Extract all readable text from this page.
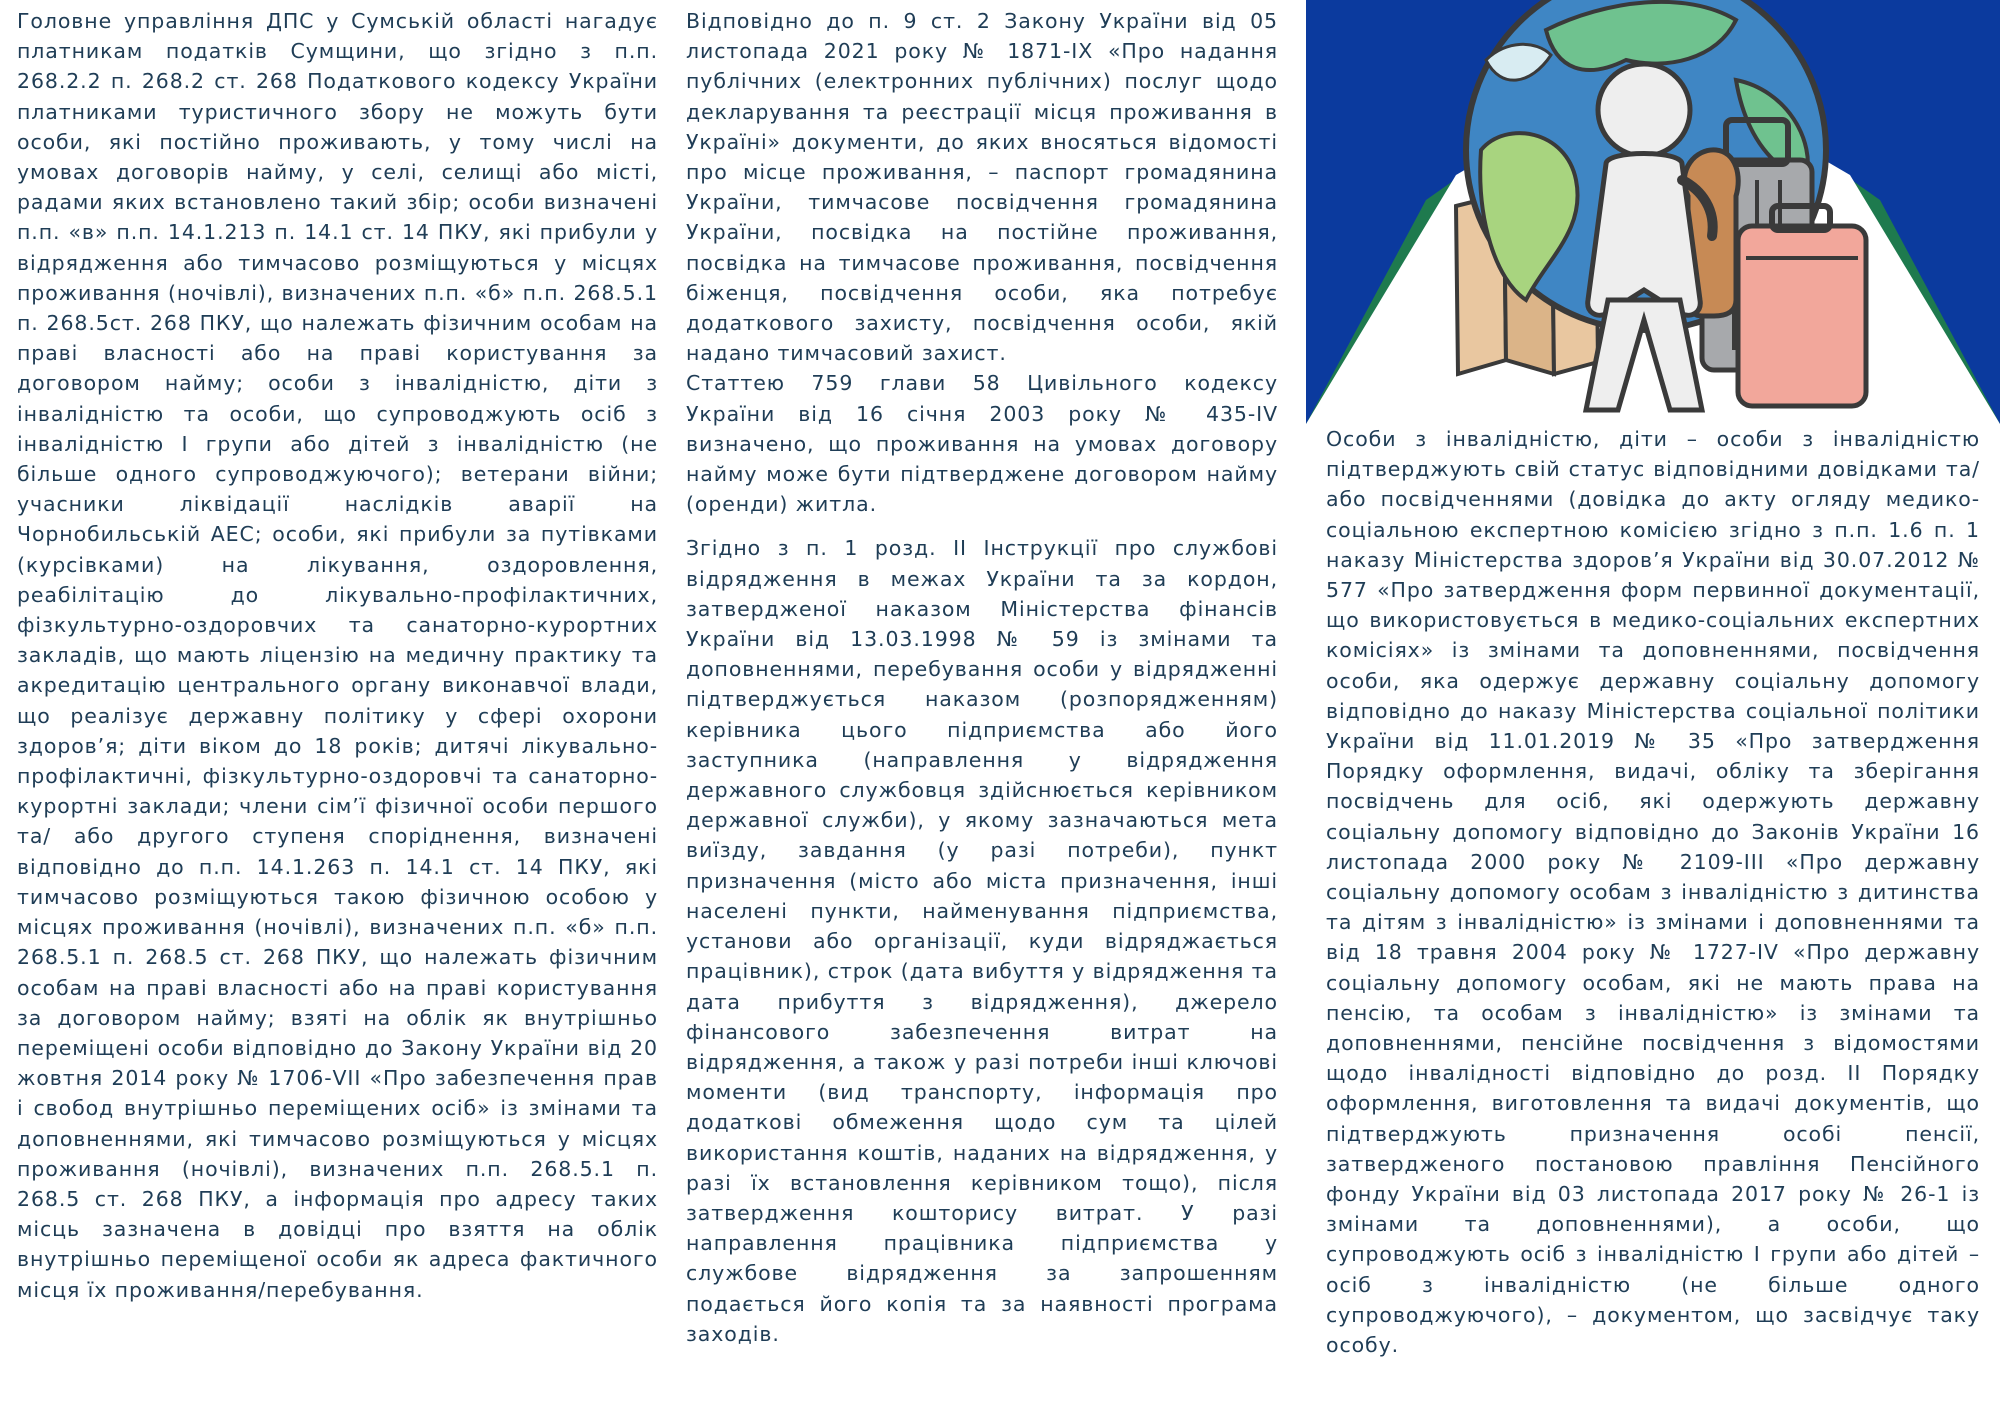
Головне управління ДПС у Сумській області нагадує платникам податків Сумщини, що згідно з п.п. 268.2.2 п. 268.2 ст. 268 Податкового кодексу України платниками туристичного збору не можуть бути особи, які постійно проживають, у тому числі на умовах договорів найму, у селі, селищі або місті, радами яких встановлено такий збір; особи визначені п.п. «в» п.п. 14.1.213 п. 14.1 ст. 14 ПКУ, які прибули у відрядження або тимчасово розміщуються у місцях проживання (ночівлі), визначених п.п. «б» п.п. 268.5.1 п. 268.5ст. 268 ПКУ, що належать фізичним особам на праві власності або на праві користування за договором найму; особи з інвалідністю, діти з інвалідністю та особи, що супроводжують осіб з інвалідністю I групи або дітей з інвалідністю (не більше одного супроводжуючого); ветерани війни; учасники ліквідації наслідків аварії на Чорнобильській АЕС; особи, які прибули за путівками (курсівками) на лікування, оздоровлення, реабілітацію до лікувально-профілактичних, фізкультурно-оздоровчих та санаторно-курортних закладів, що мають ліцензію на медичну практику та акредитацію центрального органу виконавчої влади, що реалізує державну політику у сфері охорони здоров’я; діти віком до 18 років; дитячі лікувально-профілактичні, фізкультурно-оздоровчі та санаторно-курортні заклади; члени сім’ї фізичної особи першого та/ або другого ступеня споріднення, визначені відповідно до п.п. 14.1.263 п. 14.1 ст. 14 ПКУ, які тимчасово розміщуються такою фізичною особою у місцях проживання (ночівлі), визначених п.п. «б» п.п. 268.5.1 п. 268.5 ст. 268 ПКУ, що належать фізичним особам на праві власності або на праві користування за договором найму; взяті на облік як внутрішньо переміщені особи відповідно до Закону України від 20 жовтня 2014 року № 1706-VII «Про забезпечення прав і свобод внутрішньо переміщених осіб» із змінами та доповненнями, які тимчасово розміщуються у місцях проживання (ночівлі), визначених п.п. 268.5.1 п. 268.5 ст. 268 ПКУ, а інформація про адресу таких місць зазначена в довідці про взяття на облік внутрішньо переміщеної особи як адреса фактичного місця їх проживання/перебування.

Відповідно до п. 9 ст. 2 Закону України від 05 листопада 2021 року № 1871-IX «Про надання публічних (електронних публічних) послуг щодо декларування та реєстрації місця проживання в Україні» документи, до яких вносяться відомості про місце проживання, – паспорт громадянина України, тимчасове посвідчення громадянина України, посвідка на постійне проживання, посвідка на тимчасове проживання, посвідчення біженця, посвідчення особи, яка потребує додаткового захисту, посвідчення особи, якій надано тимчасовий захист.

Статтею 759 глави 58 Цивільного кодексу України від 16 січня 2003 року № 435-IV визначено, що проживання на умовах договору найму може бути підтверджене договором найму (оренди) житла.

Згідно з п. 1 розд. II Інструкції про службові відрядження в межах України та за кордон, затвердженої наказом Міністерства фінансів України від 13.03.1998 № 59 із змінами та доповненнями, перебування особи у відрядженні підтверджується наказом (розпорядженням) керівника цього підприємства або його заступника (направлення у відрядження державного службовця здійснюється керівником державної служби), у якому зазначаються мета виїзду, завдання (у разі потреби), пункт призначення (місто або міста призначення, інші населені пункти, найменування підприємства, установи або організації, куди відряджається працівник), строк (дата вибуття у відрядження та дата прибуття з відрядження), джерело фінансового забезпечення витрат на відрядження, а також у разі потреби інші ключові моменти (вид транспорту, інформація про додаткові обмеження щодо сум та цілей використання коштів, наданих на відрядження, у разі їх встановлення керівником тощо), після затвердження кошторису витрат. У разі направлення працівника підприємства у службове відрядження за запрошенням подається його копія та за наявності програма заходів.

Особи з інвалідністю, діти – особи з інвалідністю підтверджують свій статус відповідними довідками та/або посвідченнями (довідка до акту огляду медико-соціальною експертною комісією згідно з п.п. 1.6 п. 1 наказу Міністерства здоров’я України від 30.07.2012 № 577 «Про затвердження форм первинної документації, що використовується в медико-соціальних експертних комісіях» із змінами та доповненнями, посвідчення особи, яка одержує державну соціальну допомогу відповідно до наказу Міністерства соціальної політики України від 11.01.2019 № 35 «Про затвердження Порядку оформлення, видачі, обліку та зберігання посвідчень для осіб, які одержують державну соціальну допомогу відповідно до Законів України 16 листопада 2000 року № 2109-III «Про державну соціальну допомогу особам з інвалідністю з дитинства та дітям з інвалідністю» із змінами і доповненнями та від 18 травня 2004 року № 1727-IV «Про державну соціальну допомогу особам, які не мають права на пенсію, та особам з інвалідністю» із змінами та доповненнями, пенсійне посвідчення з відомостями щодо інвалідності відповідно до розд. II Порядку оформлення, виготовлення та видачі документів, що підтверджують призначення особі пенсії, затвердженого постановою правління Пенсійного фонду України від 03 листопада 2017 року № 26-1 із змінами та доповненнями), а особи, що супроводжують осіб з інвалідністю I групи або дітей – осіб з інвалідністю (не більше одного супроводжуючого), – документом, що засвідчує таку особу.
